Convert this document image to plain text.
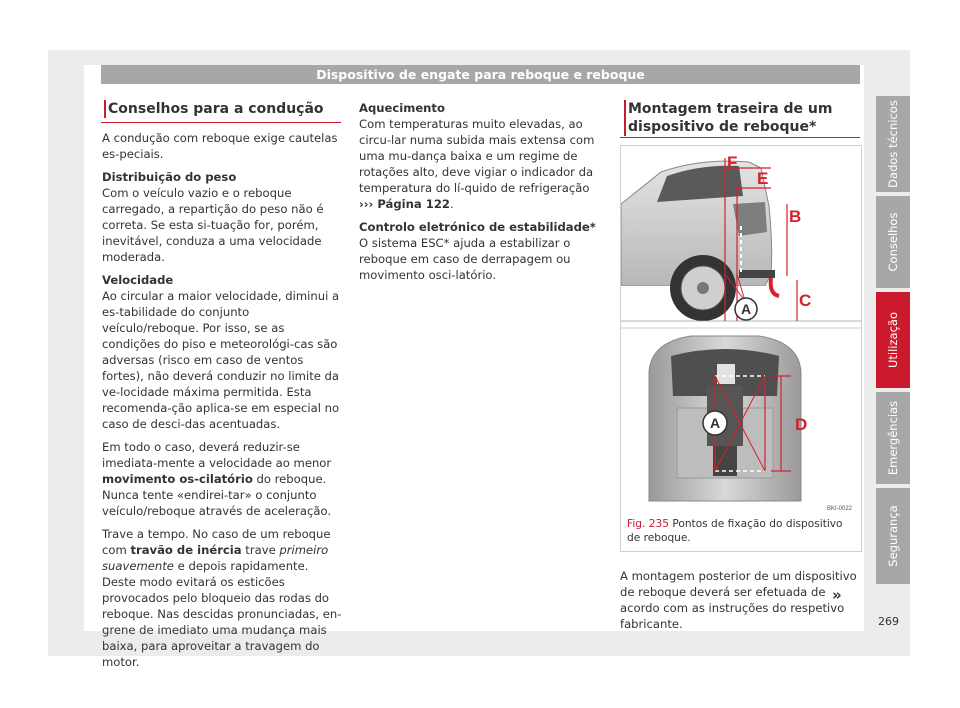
Dispositivo de engate para reboque e reboque
Conselhos para a condução

A condução com reboque exige cautelas es-peciais.

Distribuição do peso
Com o veículo vazio e o reboque carregado, a repartição do peso não é correta. Se esta si-tuação for, porém, inevitável, conduza a uma velocidade moderada.

Velocidade
Ao circular a maior velocidade, diminui a es-tabilidade do conjunto veículo/reboque. Por isso, se as condições do piso e meteorológi-cas são adversas (risco em caso de ventos fortes), não deverá conduzir no limite da ve-locidade máxima permitida. Esta recomenda-ção aplica-se em especial no caso de desci-das acentuadas.

Em todo o caso, deverá reduzir-se imediata-mente a velocidade ao menor movimento os-cilatório do reboque. Nunca tente «endirei-tar» o conjunto veículo/reboque através de aceleração.

Trave a tempo. No caso de um reboque com travão de inércia trave primeiro suavemente e depois rapidamente. Deste modo evitará os esticões provocados pelo bloqueio das rodas do reboque. Nas descidas pronunciadas, en-grene de imediato uma mudança mais baixa, para aproveitar a travagem do motor.

Aquecimento
Com temperaturas muito elevadas, ao circu-lar numa subida mais extensa com uma mu-dança baixa e um regime de rotações alto, deve vigiar o indicador da temperatura do lí-quido de refrigeração ››› Página 122.

Controlo eletrónico de estabilidade*
O sistema ESC* ajuda a estabilizar o reboque em caso de derrapagem ou movimento osci-latório.

Montagem traseira de um dispositivo de reboque*
A
F
E
B
C
A	D
BKI-0022
Fig. 235 Pontos de fixação do dispositivo de reboque.

A montagem posterior de um dispositivo de reboque deverá ser efetuada de acordo com as instruções do respetivo fabricante.

»
Dados técnicos
Conselhos
Utilização
Emergências
Segurança
269
